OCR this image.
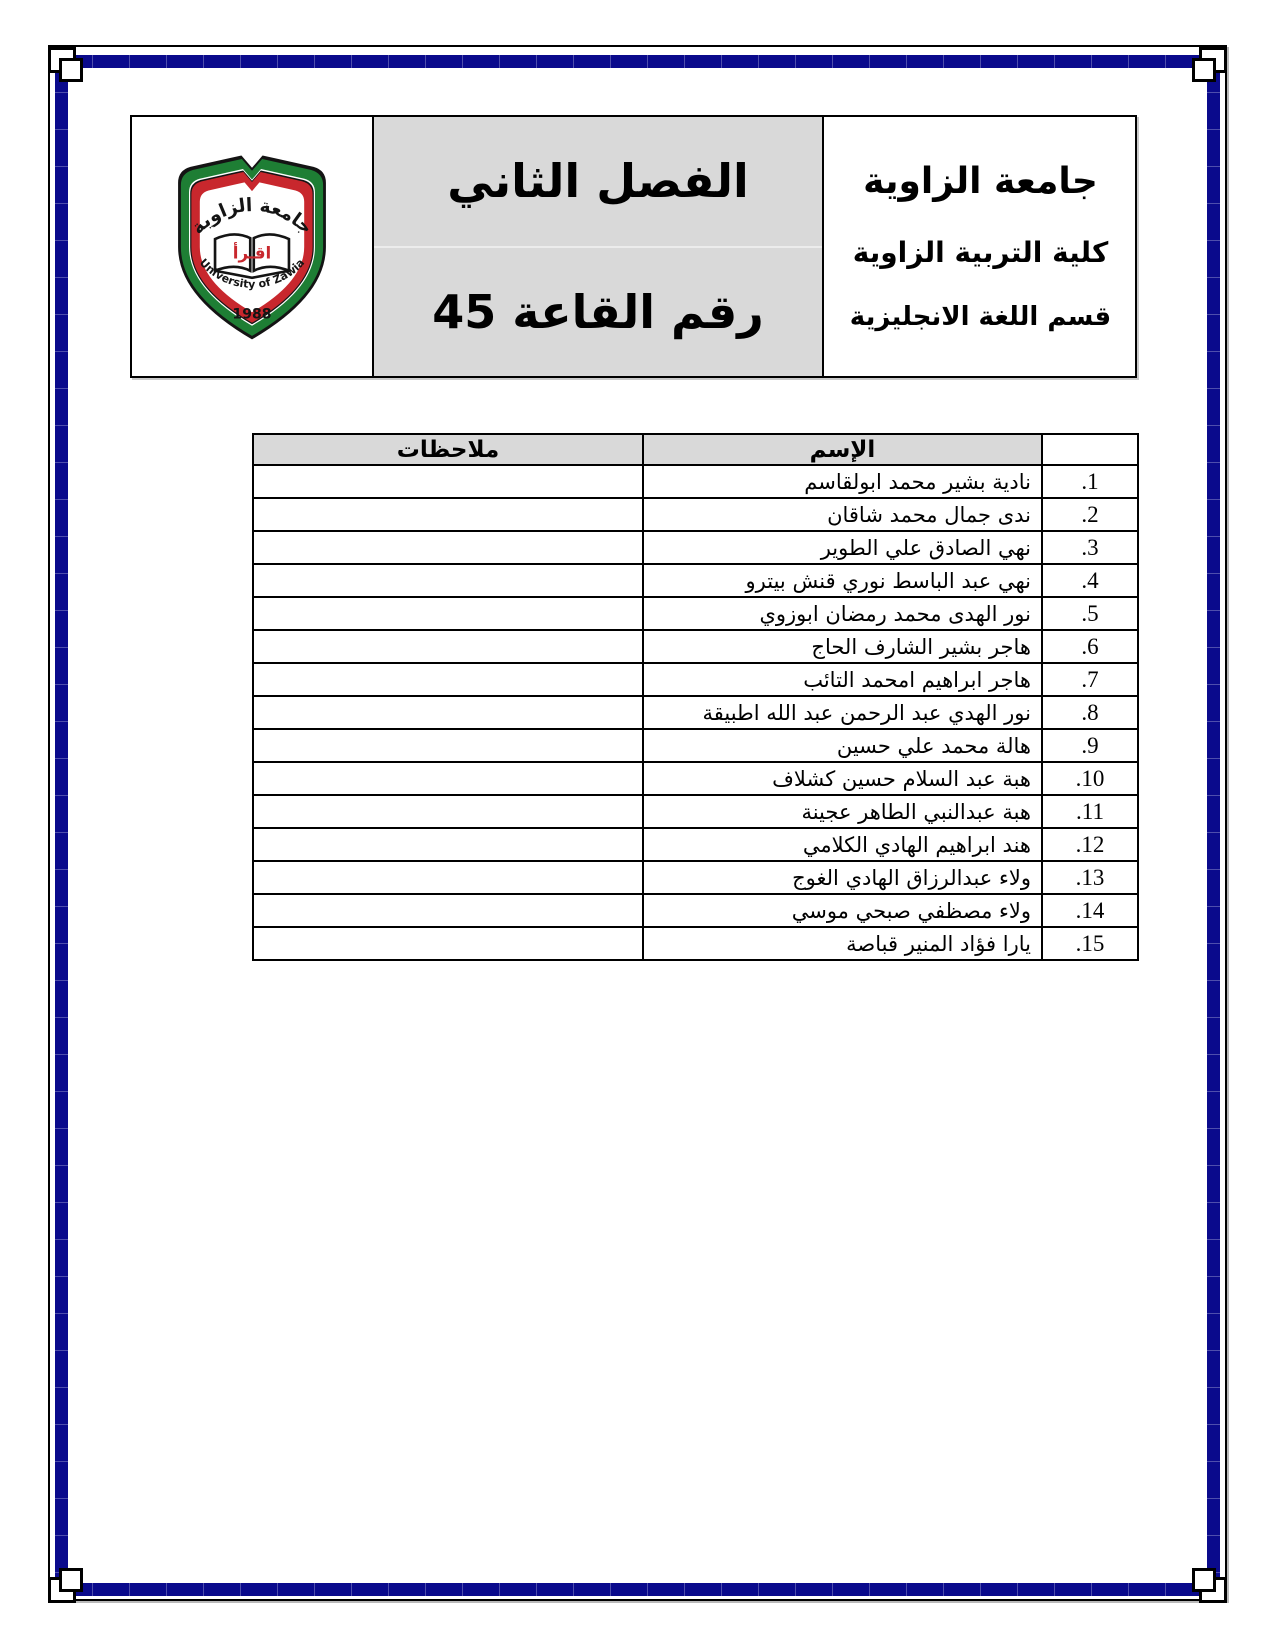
جامعة الزاوية
اقـرأ
University of Zawia
1988
الفصل الثاني
رقم القاعة 45
جامعة الزاوية
كلية التربية الزاوية
قسم اللغة الانجليزية
	الإسم	ملاحظات
1.	نادية بشير محمد ابولقاسم	
2.	ندى جمال محمد شاقان	
3.	نهي الصادق علي الطوير	
4.	نهي عبد الباسط نوري قنش بيترو	
5.	نور الهدى محمد رمضان ابوزوي	
6.	هاجر بشير الشارف الحاج	
7.	هاجر ابراهيم امحمد التائب	
8.	نور الهدي عبد الرحمن عبد الله اطبيقة	
9.	هالة محمد علي حسين	
10.	هبة عبد السلام حسين كشلاف	
11.	هبة عبدالنبي الطاهر عجينة	
12.	هند ابراهيم الهادي الكلامي	
13.	ولاء عبدالرزاق الهادي الغوج	
14.	ولاء مصظفي صبحي موسي	
15.	يارا فؤاد المنير قباصة	
